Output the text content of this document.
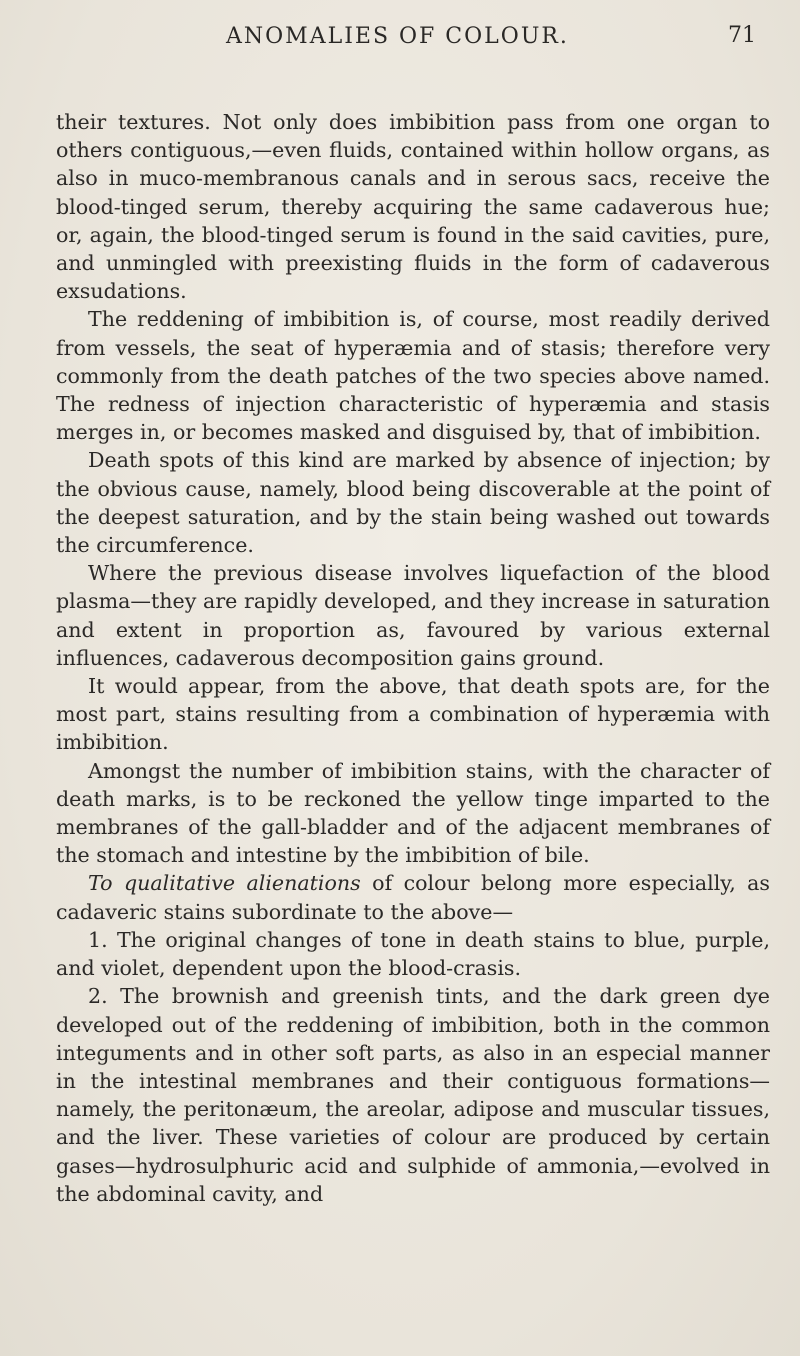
ANOMALIES OF COLOUR.	71

their textures. Not only does imbibition pass from one organ to others contiguous,—even fluids, contained within hollow organs, as also in muco-membranous canals and in serous sacs, receive the blood-tinged serum, thereby acquiring the same cadaverous hue; or, again, the blood-tinged serum is found in the said cavities, pure, and unmingled with preexisting fluids in the form of cadaverous exsudations.

The reddening of imbibition is, of course, most readily derived from vessels, the seat of hyperæmia and of stasis; therefore very commonly from the death patches of the two species above named. The redness of injection characteristic of hyperæmia and stasis merges in, or becomes masked and disguised by, that of imbibition.

Death spots of this kind are marked by absence of injection; by the obvious cause, namely, blood being discoverable at the point of the deepest saturation, and by the stain being washed out towards the circumference.

Where the previous disease involves liquefaction of the blood plasma—they are rapidly developed, and they increase in saturation and extent in proportion as, favoured by various external influences, cadaverous decomposition gains ground.

It would appear, from the above, that death spots are, for the most part, stains resulting from a combination of hyperæmia with imbibition.

Amongst the number of imbibition stains, with the character of death marks, is to be reckoned the yellow tinge imparted to the membranes of the gall-bladder and of the adjacent membranes of the stomach and intestine by the imbibition of bile.

To qualitative alienations of colour belong more especially, as cadaveric stains subordinate to the above—

1. The original changes of tone in death stains to blue, purple, and violet, dependent upon the blood-crasis.

2. The brownish and greenish tints, and the dark green dye developed out of the reddening of imbibition, both in the common integuments and in other soft parts, as also in an especial manner in the intestinal membranes and their contiguous formations—namely, the peritonæum, the areolar, adipose and muscular tissues, and the liver. These varieties of colour are produced by certain gases—hydrosulphuric acid and sulphide of ammonia,—evolved in the abdominal cavity, and
